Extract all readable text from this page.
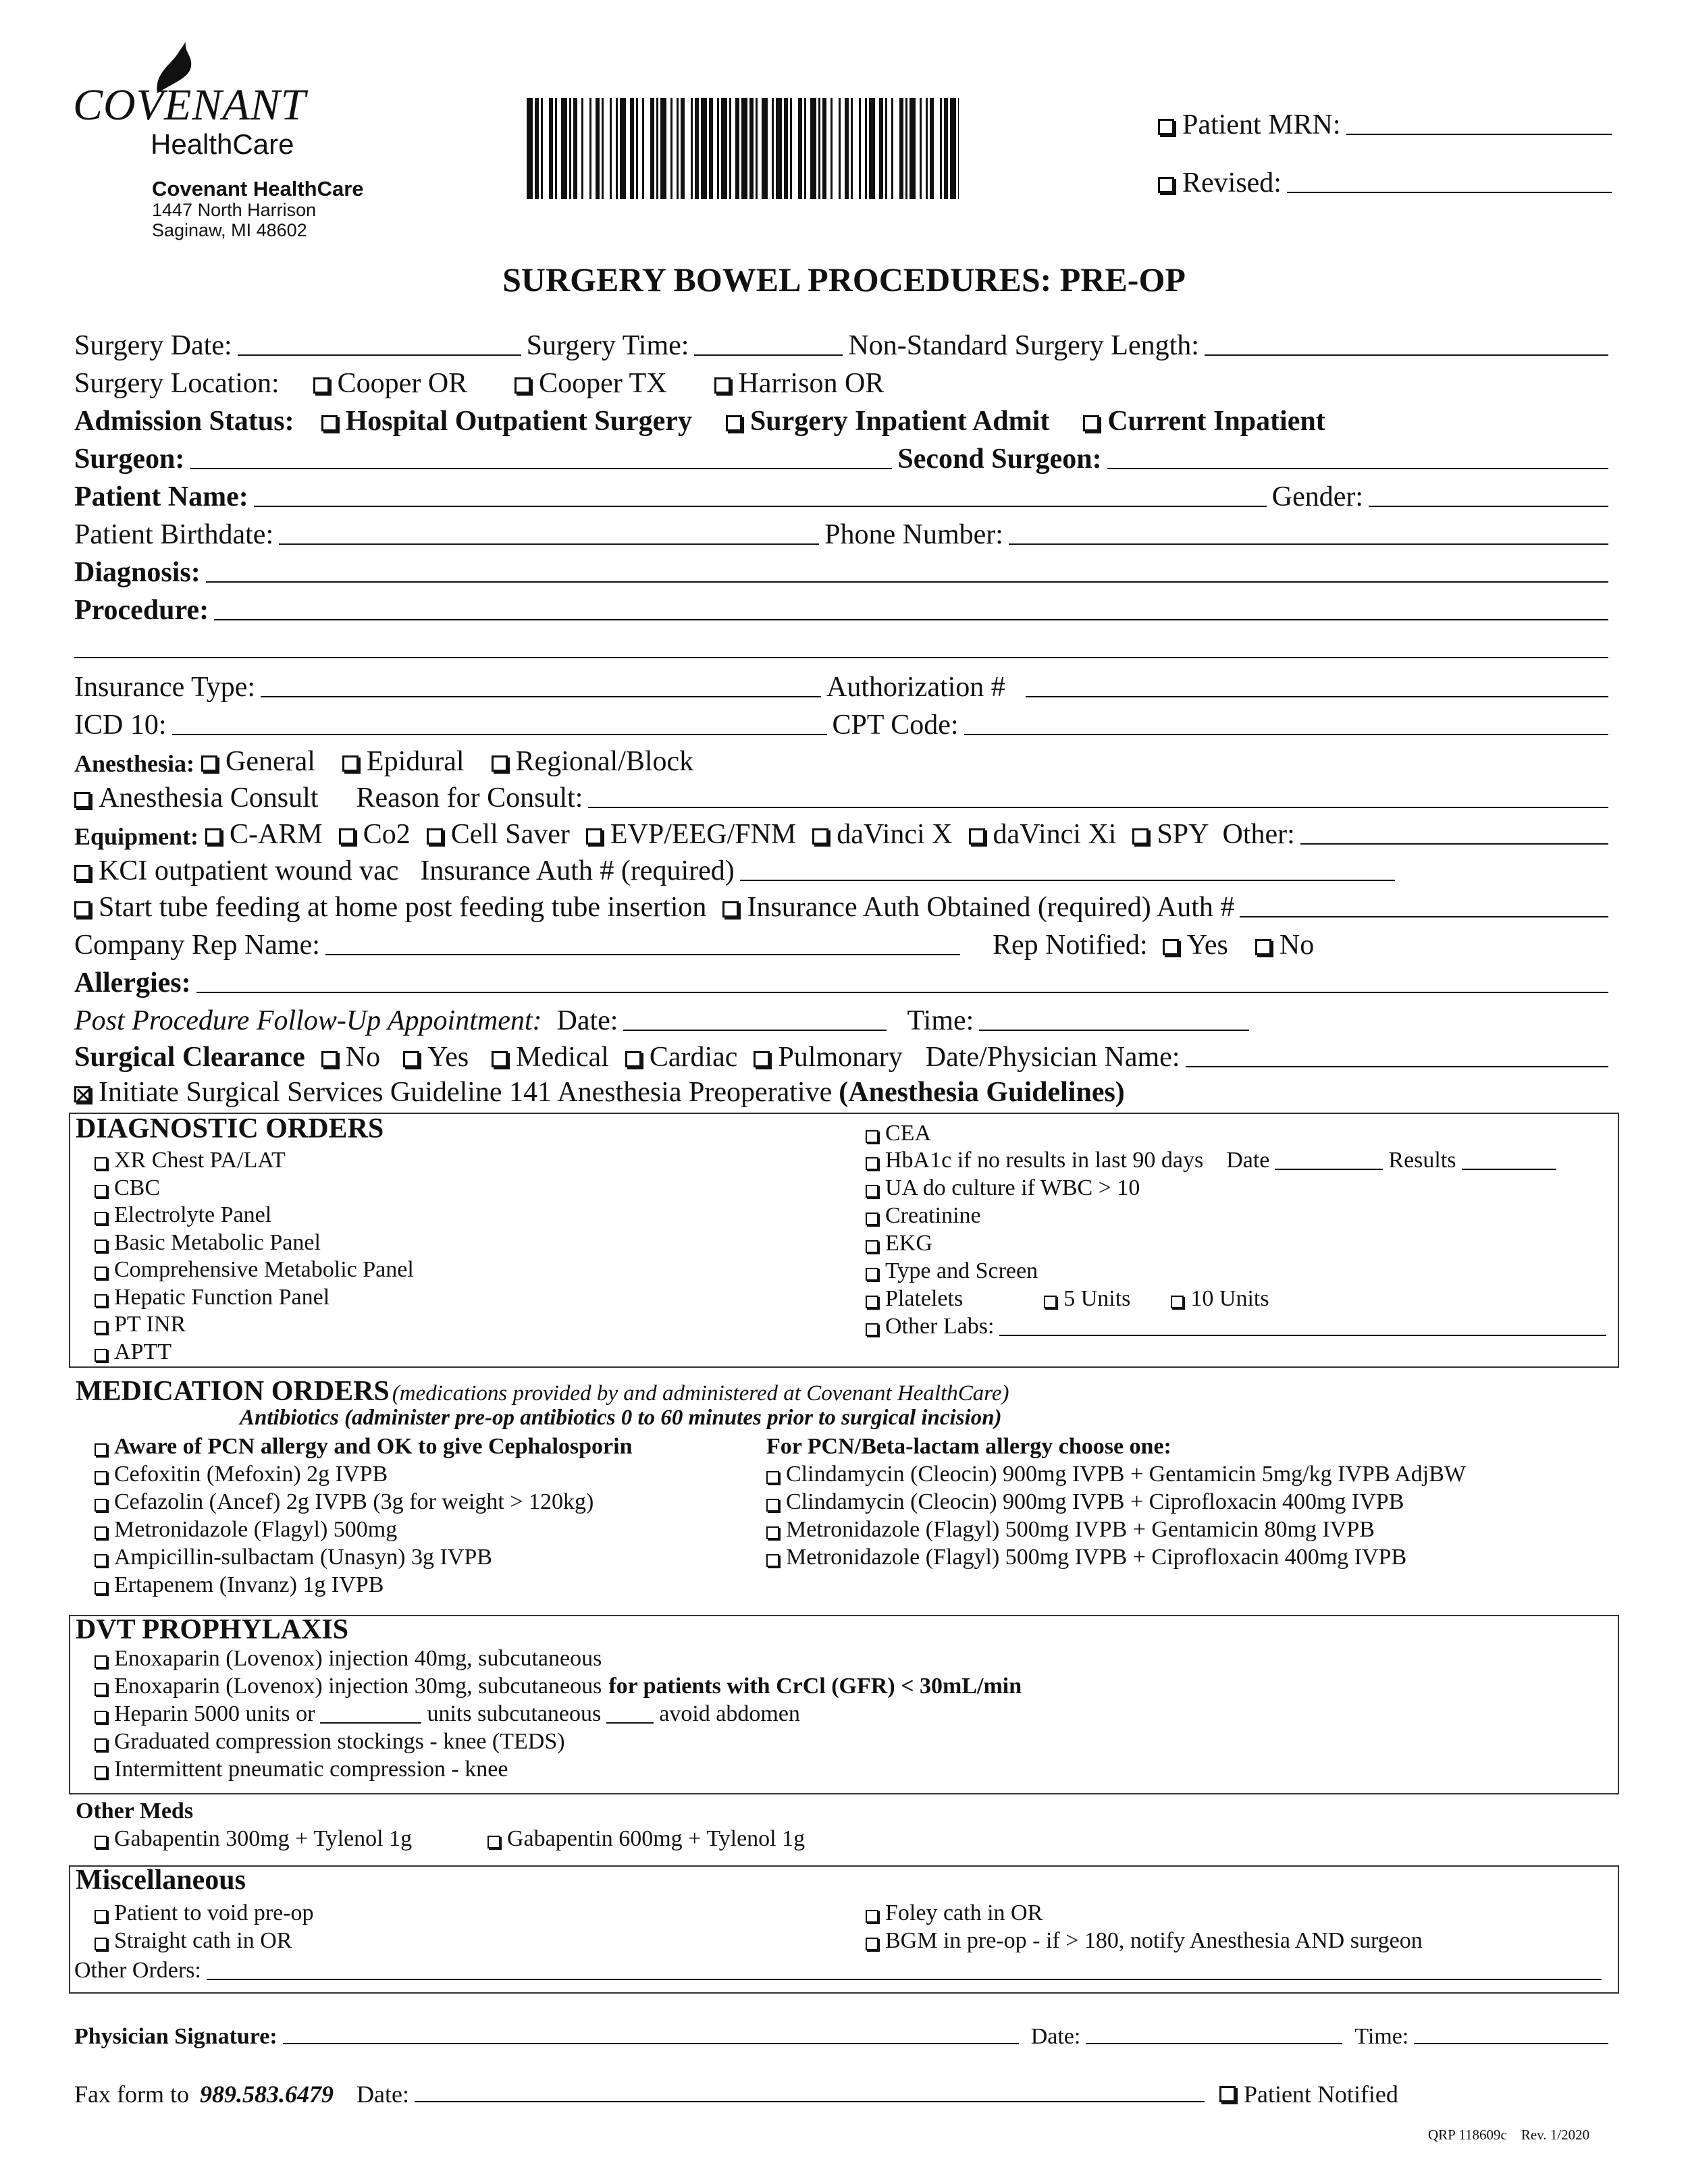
COVENANT
HealthCare
Covenant HealthCare
1447 North Harrison
Saginaw, MI 48602
Patient MRN:
Revised:
SURGERY BOWEL PROCEDURES: PRE-OP
Surgery Date:	Surgery Time:	Non-Standard Surgery Length:
Surgery Location: Cooper OR	Cooper TX	Harrison OR
Admission Status: Hospital Outpatient Surgery Surgery Inpatient Admit Current Inpatient
Surgeon:	Second Surgeon:
Patient Name:	Gender:
Patient Birthdate:	Phone Number:
Diagnosis:
Procedure:
Insurance Type:	Authorization #
ICD 10:	CPT Code:
Anesthesia: General Epidural Regional/Block
Anesthesia Consult Reason for Consult:
Equipment: C-ARM Co2 Cell Saver EVP/EEG/FNM daVinci X daVinci Xi SPY Other:
KCI outpatient wound vac Insurance Auth # (required)
Start tube feeding at home post feeding tube insertion Insurance Auth Obtained (required) Auth #
Company Rep Name:	Rep Notified: Yes No
Allergies:
Post Procedure Follow-Up Appointment: Date:	Time:
Surgical Clearance No Yes Medical Cardiac Pulmonary Date/Physician Name:
Initiate Surgical Services Guideline 141 Anesthesia Preoperative (Anesthesia Guidelines)
DIAGNOSTIC ORDERS
XR Chest PA/LAT
CBC
Electrolyte Panel
Basic Metabolic Panel
Comprehensive Metabolic Panel
Hepatic Function Panel
PT INR
APTT
CEA
HbA1c if no results in last 90 days Date	Results
UA do culture if WBC > 10
Creatinine
EKG
Type and Screen
Platelets	5 Units	10 Units
Other Labs:
MEDICATION ORDERS (medications provided by and administered at Covenant HealthCare)
Antibiotics (administer pre-op antibiotics 0 to 60 minutes prior to surgical incision)
Aware of PCN allergy and OK to give Cephalosporin
Cefoxitin (Mefoxin) 2g IVPB
Cefazolin (Ancef) 2g IVPB (3g for weight > 120kg)
Metronidazole (Flagyl) 500mg
Ampicillin-sulbactam (Unasyn) 3g IVPB
Ertapenem (Invanz) 1g IVPB
For PCN/Beta-lactam allergy choose one:
Clindamycin (Cleocin) 900mg IVPB + Gentamicin 5mg/kg IVPB AdjBW
Clindamycin (Cleocin) 900mg IVPB + Ciprofloxacin 400mg IVPB
Metronidazole (Flagyl) 500mg IVPB + Gentamicin 80mg IVPB
Metronidazole (Flagyl) 500mg IVPB + Ciprofloxacin 400mg IVPB
DVT PROPHYLAXIS
Enoxaparin (Lovenox) injection 40mg, subcutaneous
Enoxaparin (Lovenox) injection 30mg, subcutaneous for patients with CrCl (GFR) < 30mL/min
Heparin 5000 units or	units subcutaneous	avoid abdomen
Graduated compression stockings - knee (TEDS)
Intermittent pneumatic compression - knee
Other Meds
Gabapentin 300mg + Tylenol 1g	Gabapentin 600mg + Tylenol 1g
Miscellaneous
Patient to void pre-op
Straight cath in OR
Foley cath in OR
BGM in pre-op - if > 180, notify Anesthesia AND surgeon
Other Orders:
Physician Signature:	Date:	Time:
Fax form to 989.583.6479 Date:	Patient Notified
QRP 118609c Rev. 1/2020
